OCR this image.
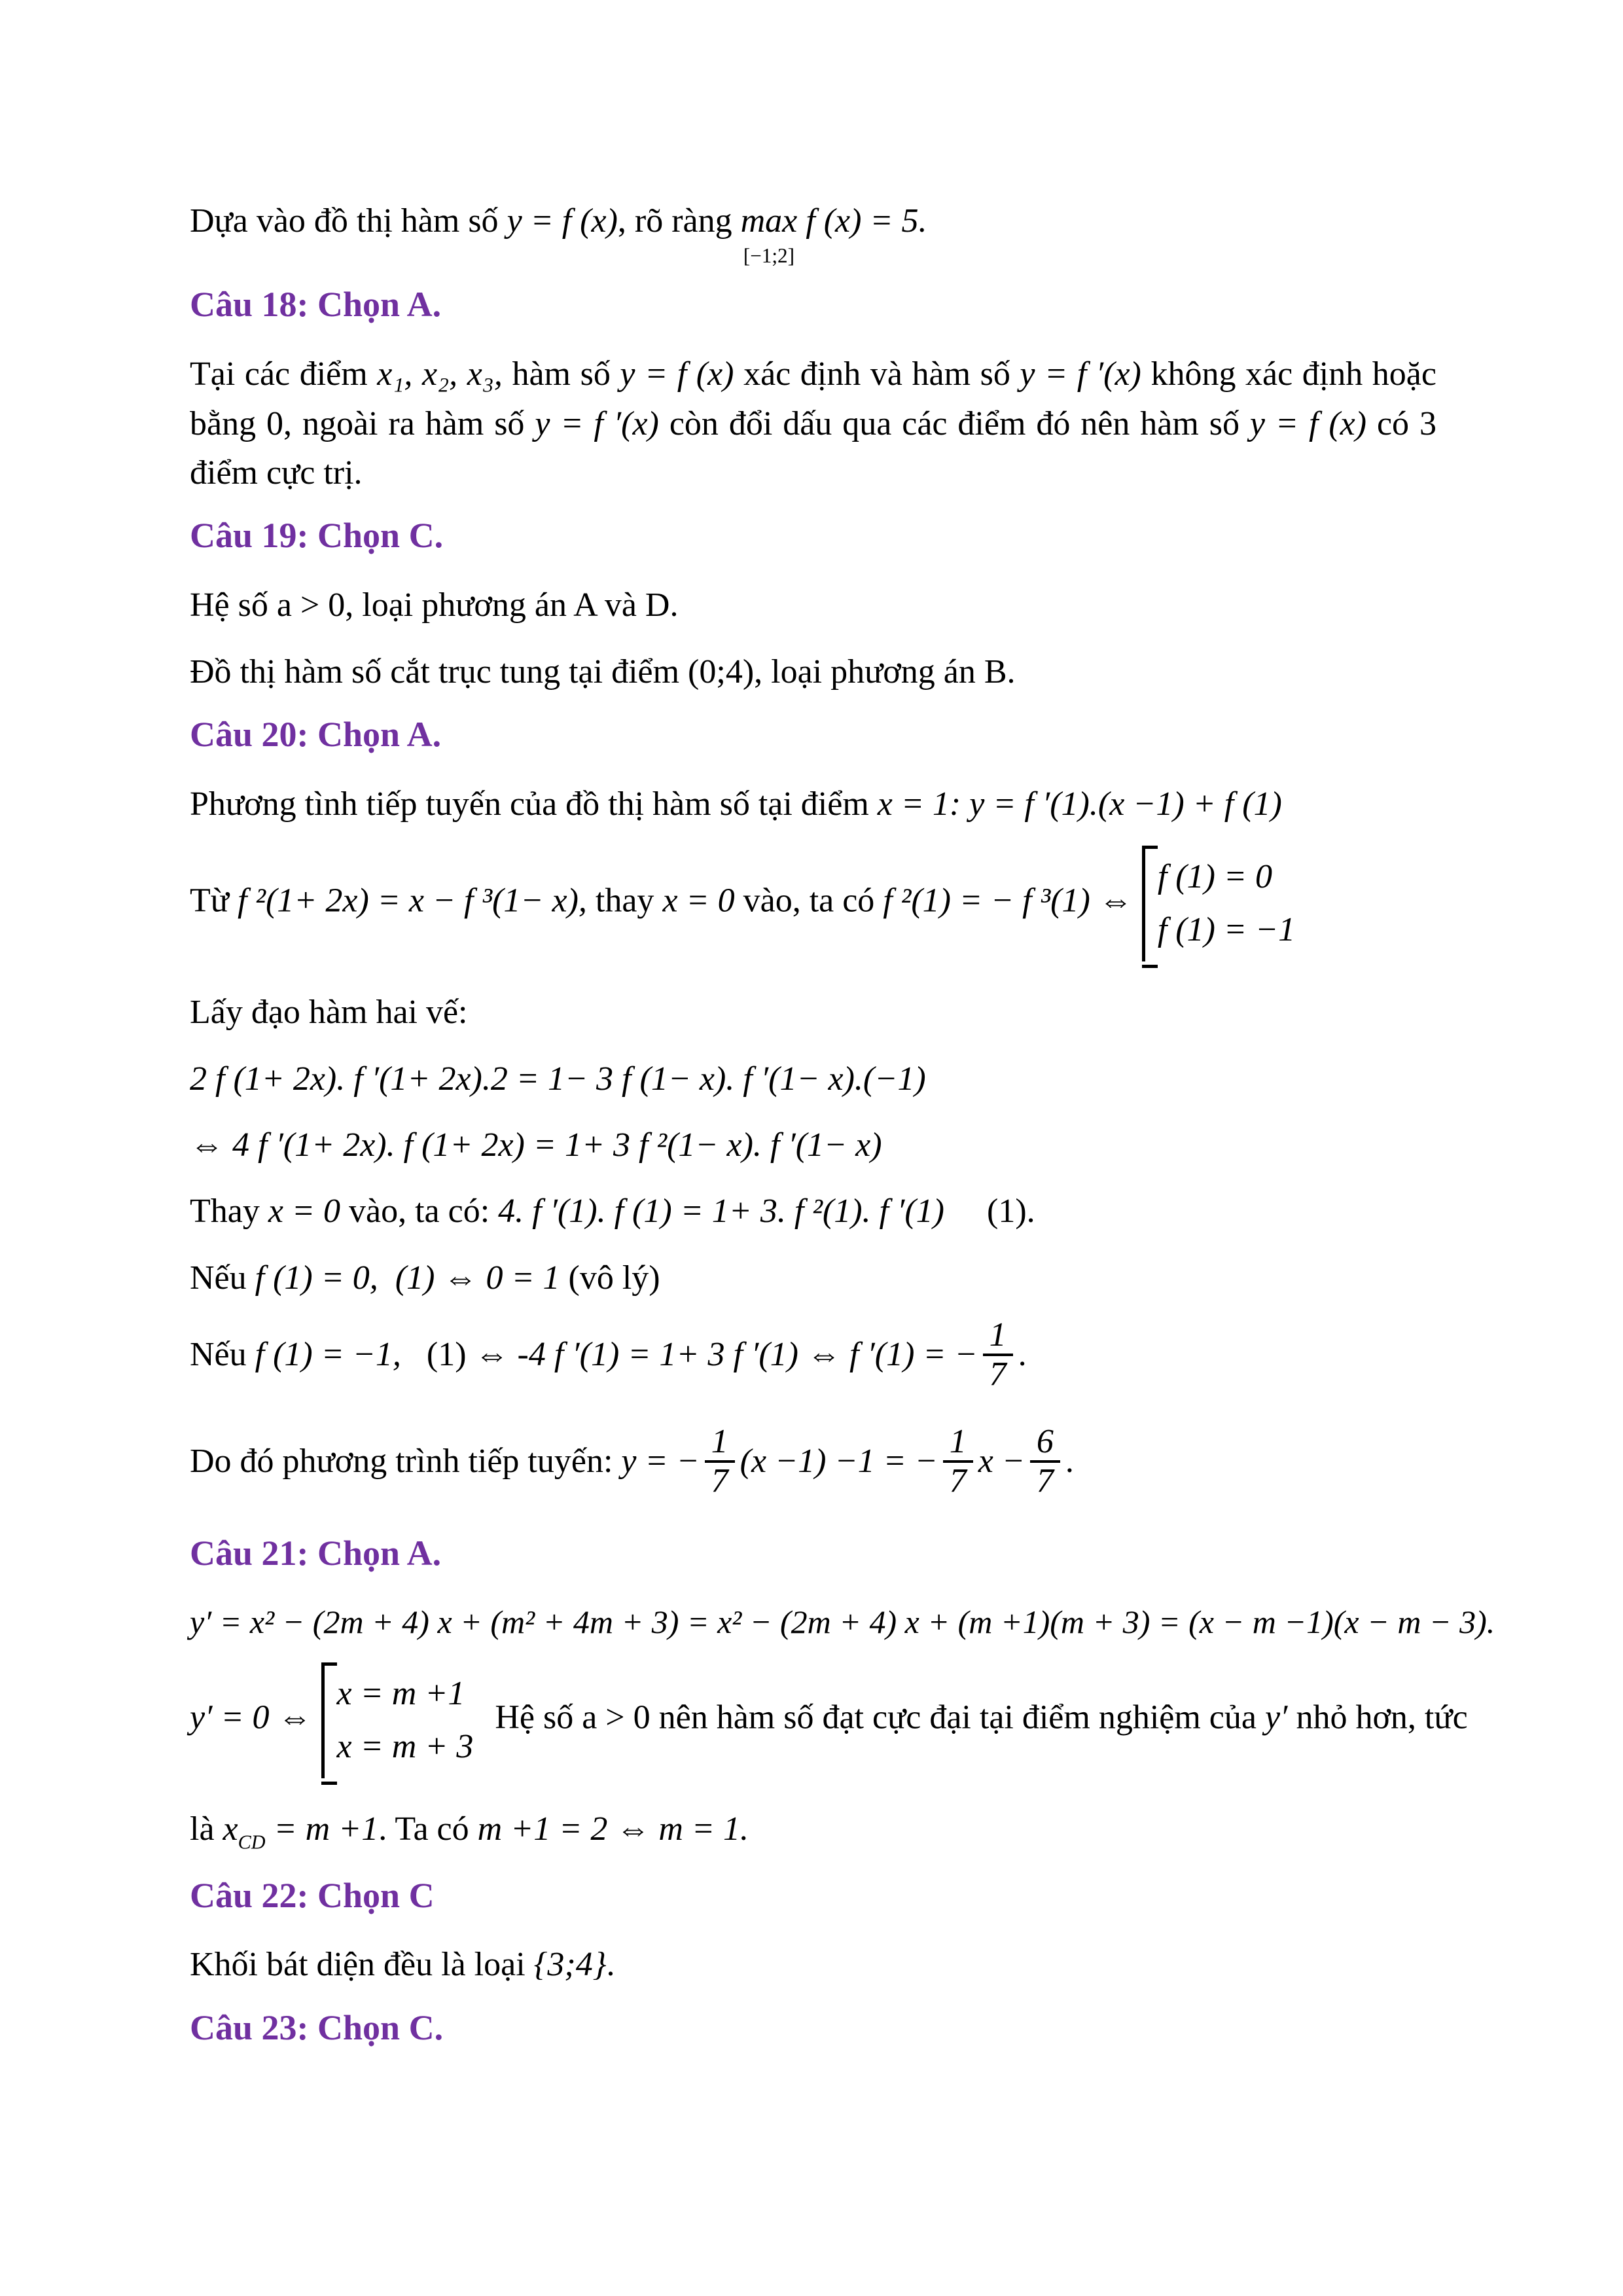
Dựa vào đồ thị hàm số y = f (x), rõ ràng max
[−1;2]
f (x) = 5.

Câu 18: Chọn A.

Tại các điểm x₁, x₂, x₃, hàm số y = f (x) xác định và hàm số y = f ′(x) không xác định hoặc bằng 0, ngoài ra hàm số y = f ′(x) còn đổi dấu qua các điểm đó nên hàm số y = f (x) có 3 điểm cực trị.

Câu 19: Chọn C.

Hệ số a > 0, loại phương án A và D.

Đồ thị hàm số cắt trục tung tại điểm (0;4), loại phương án B.

Câu 20: Chọn A.

Phương tình tiếp tuyến của đồ thị hàm số tại điểm x = 1: y = f ′(1).(x −1) + f (1)

Từ f ²(1+ 2x) = x − f ³(1− x), thay x = 0 vào, ta có f ²(1) = − f ³(1) ⇔
f (1) = 0
f (1) = −1

Lấy đạo hàm hai vế:

2 f (1+ 2x). f ′(1+ 2x).2 = 1− 3 f (1− x). f ′(1− x).(−1)

⇔ 4 f ′(1+ 2x). f (1+ 2x) = 1+ 3 f ²(1− x). f ′(1− x)

Thay x = 0 vào, ta có: 4. f ′(1). f (1) = 1+ 3. f ²(1). f ′(1)     (1).

Nếu f (1) = 0, (1) ⇔ 0 = 1 (vô lý)

Nếu f (1) = −1,   (1) ⇔ -4 f ′(1) = 1+ 3 f ′(1) ⇔ f ′(1) = − $\frac{1}{7}$ .

Do đó phương trình tiếp tuyến: y = − $\frac{1}{7} (x -1) -1$ = − $\frac{1}{7}$ $x - \frac{6}{7}$ .

Câu 21: Chọn A.

y′ = x² − (2m + 4) x + (m² + 4m + 3) = x² − (2m + 4) x + (m +1)(m + 3) = (x − m −1)(x − m − 3).

y′ = 0 ⇔
x = m +1
x = m + 3
Hệ số a > 0 nên hàm số đạt cực đại tại điểm nghiệm của y′ nhỏ hơn, tức

là $x_{CD} = m +1$. Ta có m +1 = 2 ⇔ m = 1.

Câu 22: Chọn C

Khối bát diện đều là loại {3;4}.

Câu 23: Chọn C.
